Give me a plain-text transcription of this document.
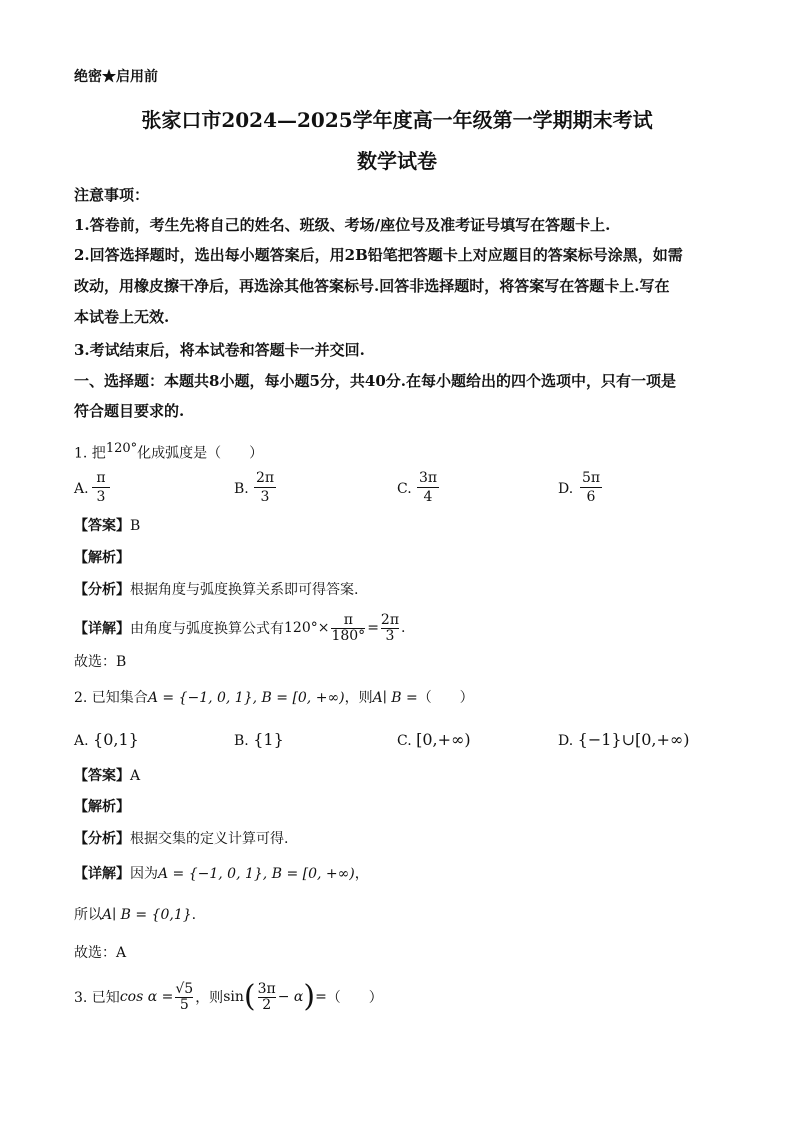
绝密★启用前
张家口市2024—2025学年度高一年级第一学期期末考试
数学试卷
注意事项：
1.答卷前，考生先将自己的姓名、班级、考场/座位号及准考证号填写在答题卡上.
2.回答选择题时，选出每小题答案后，用2B铅笔把答题卡上对应题目的答案标号涂黑，如需
改动，用橡皮擦干净后，再选涂其他答案标号.回答非选择题时，将答案写在答题卡上.写在
本试卷上无效.
3.考试结束后，将本试卷和答题卡一并交回.
一、选择题：本题共8小题，每小题5分，共40分.在每小题给出的四个选项中，只有一项是
符合题目要求的.
1. 把$^{120^\circ}$化成弧度是（　　）
A.
π
3	B.
2π
3	C.
3π
4	D.
5π
6
【答案】B
【解析】
【分析】根据角度与弧度换算关系即可得答案.
【详解】 由角度与弧度换算公式有 $120^\circ\times \frac{\pi}{180^\circ} = \frac{2\pi}{3}$ .
故选：B
2. 已知集合A = {−1, 0, 1}, B = [0, +∞)，则A∣ B =（　　）
A. {0,1}	B. {1}	C. [0,+∞)	D. {−1}∪[0,+∞)
【答案】A
【解析】
【分析】根据交集的定义计算可得.
【详解】因为A = {−1, 0, 1}, B = [0, +∞)，
所以A∣ B = {0,1}.
故选：A
3. 已知 $\cos \alpha = \frac{√5}{5}$ ，则 sin ( $\frac{3\pi}{2} - \alpha$ ) = （　　）
